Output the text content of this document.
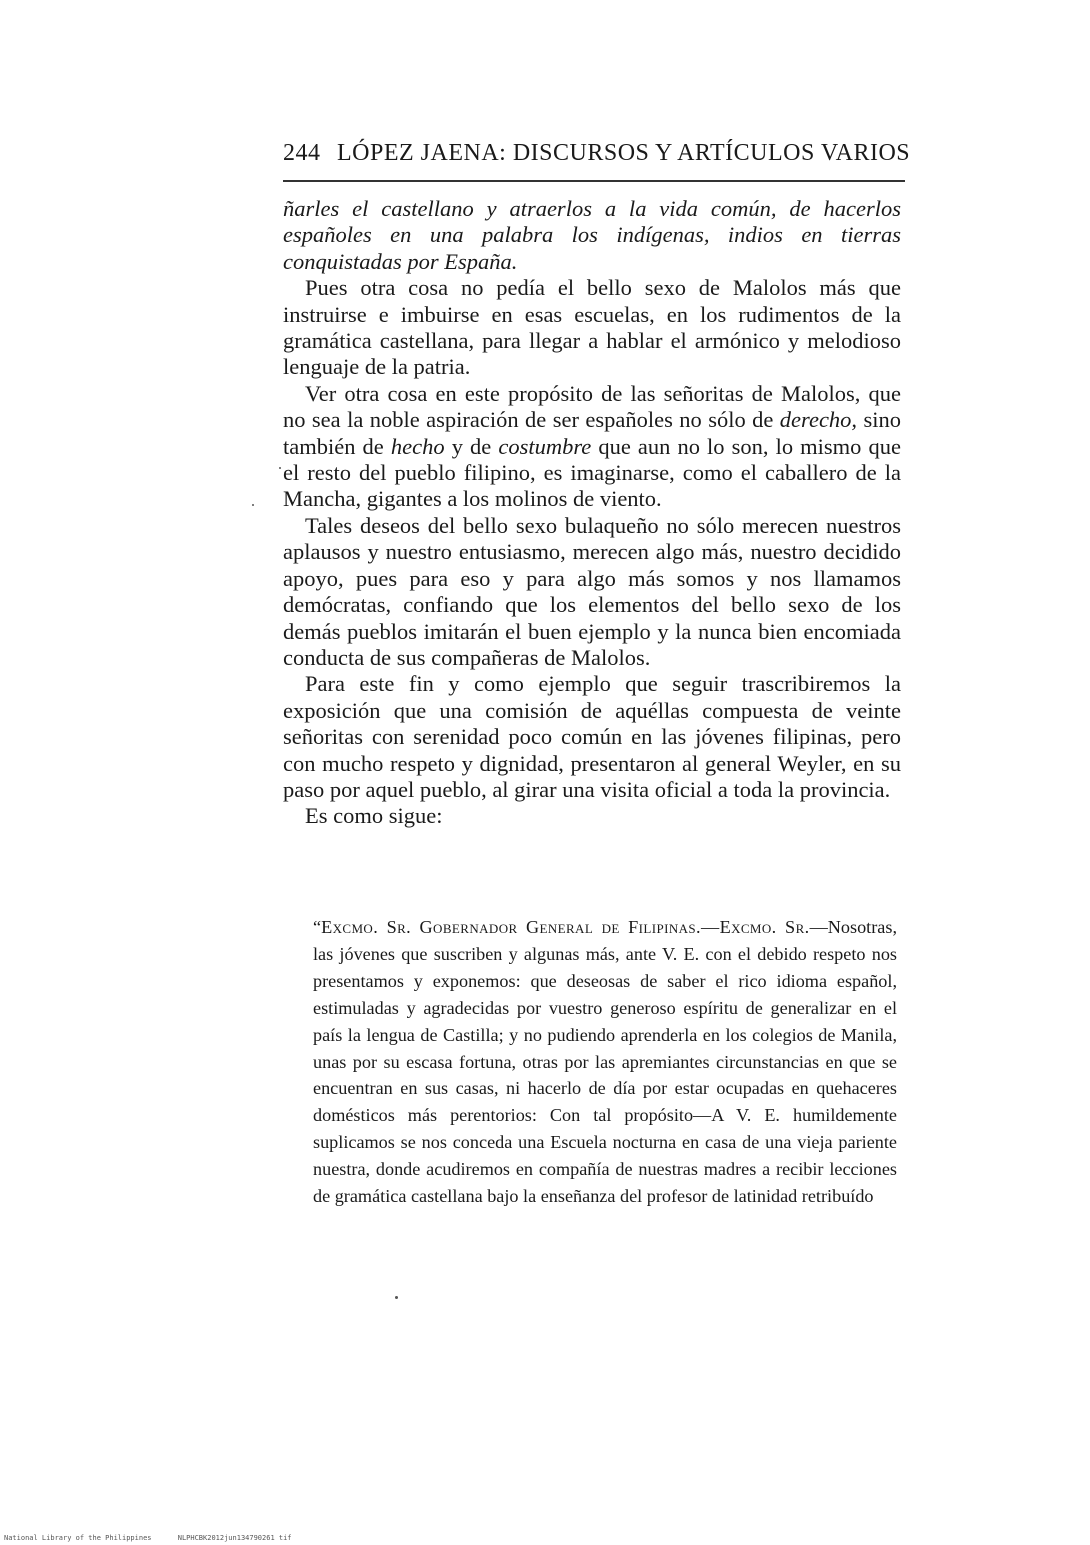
244 LÓPEZ JAENA: DISCURSOS Y ARTÍCULOS VARIOS

ñarles el castellano y atraerlos a la vida común, de hacerlos españoles en una palabra los indígenas, indios en tierras conquistadas por España.

Pues otra cosa no pedía el bello sexo de Malolos más que instruirse e imbuirse en esas escuelas, en los rudimentos de la gramática castellana, para llegar a hablar el armónico y melodioso lenguaje de la patria.

Ver otra cosa en este propósito de las señoritas de Malolos, que no sea la noble aspiración de ser españoles no sólo de derecho, sino también de hecho y de costumbre que aun no lo son, lo mismo que el resto del pueblo filipino, es imaginarse, como el caballero de la Mancha, gigantes a los molinos de viento.

Tales deseos del bello sexo bulaqueño no sólo merecen nuestros aplausos y nuestro entusiasmo, merecen algo más, nuestro decidido apoyo, pues para eso y para algo más somos y nos llamamos demócratas, confiando que los elementos del bello sexo de los demás pueblos imitarán el buen ejemplo y la nunca bien encomiada conducta de sus compañeras de Malolos.

Para este fin y como ejemplo que seguir trascribiremos la exposición que una comisión de aquéllas compuesta de veinte señoritas con serenidad poco común en las jóvenes filipinas, pero con mucho respeto y dignidad, presentaron al general Weyler, en su paso por aquel pueblo, al girar una visita oficial a toda la provincia.

Es como sigue:

“Excmo. Sr. Gobernador General de Filipinas.—Excmo. Sr.—Nosotras, las jóvenes que suscriben y algunas más, ante V. E. con el debido respeto nos presentamos y exponemos: que deseosas de saber el rico idioma español, estimuladas y agradecidas por vuestro generoso espíritu de generalizar en el país la lengua de Castilla; y no pudiendo aprenderla en los colegios de Manila, unas por su escasa fortuna, otras por las apremiantes circunstancias en que se encuentran en sus casas, ni hacerlo de día por estar ocupadas en quehaceres domésticos más perentorios: Con tal propósito—A V. E. humildemente suplicamos se nos conceda una Escuela nocturna en casa de una vieja pariente nuestra, donde acudiremos en compañía de nuestras madres a recibir lecciones de gramática castellana bajo la enseñanza del profesor de latinidad retribuído

National Library of the Philippines	NLPHCBK2012jun134790261 tif
